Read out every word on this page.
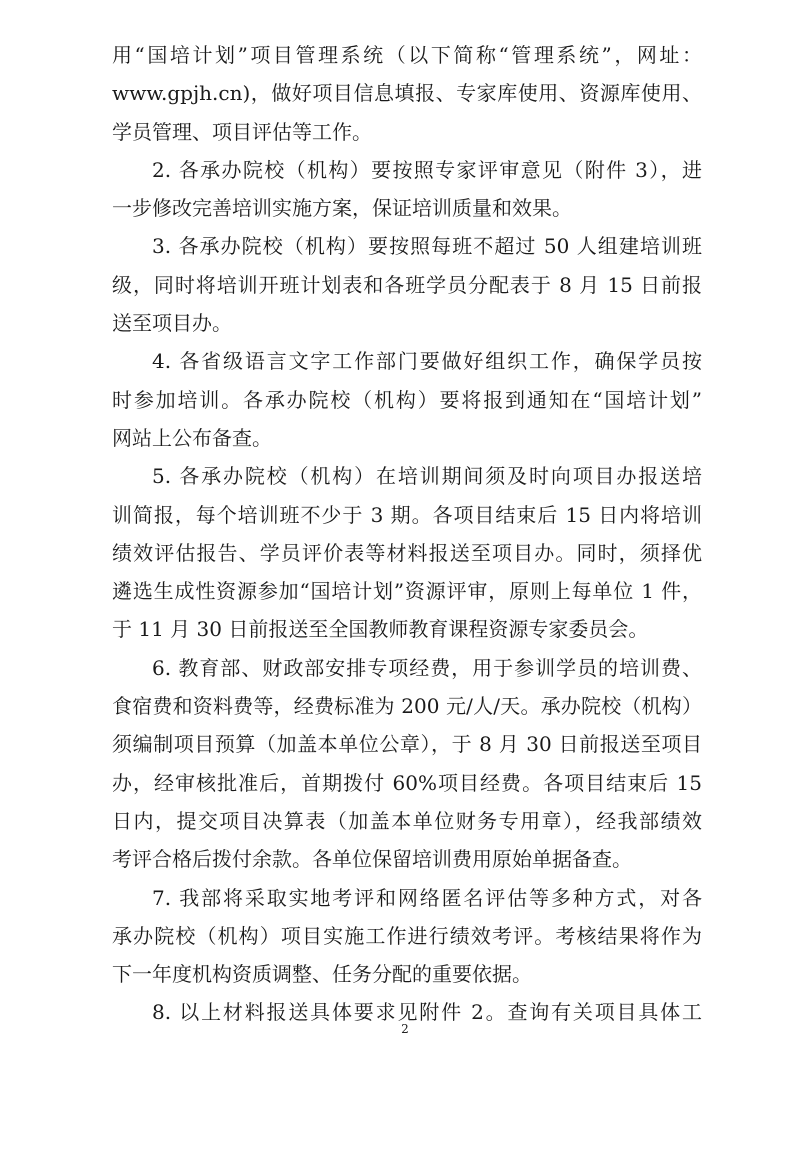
用“国培计划”项目管理系统（以下简称“管理系统”，网址：
www.gpjh.cn)，做好项目信息填报、专家库使用、资源库使用、
学员管理、项目评估等工作。
2. 各承办院校（机构）要按照专家评审意见（附件 3），进
一步修改完善培训实施方案，保证培训质量和效果。
3. 各承办院校（机构）要按照每班不超过 50 人组建培训班
级，同时将培训开班计划表和各班学员分配表于 8 月 15 日前报
送至项目办。
4. 各省级语言文字工作部门要做好组织工作，确保学员按
时参加培训。各承办院校（机构）要将报到通知在“国培计划”
网站上公布备查。
5. 各承办院校（机构）在培训期间须及时向项目办报送培
训简报，每个培训班不少于 3 期。各项目结束后 15 日内将培训
绩效评估报告、学员评价表等材料报送至项目办。同时，须择优
遴选生成性资源参加“国培计划”资源评审，原则上每单位 1 件，
于 11 月 30 日前报送至全国教师教育课程资源专家委员会。
6. 教育部、财政部安排专项经费，用于参训学员的培训费、
食宿费和资料费等，经费标准为 200 元/人/天。承办院校（机构）
须编制项目预算（加盖本单位公章），于 8 月 30 日前报送至项目
办，经审核批准后，首期拨付 60%项目经费。各项目结束后 15
日内，提交项目决算表（加盖本单位财务专用章），经我部绩效
考评合格后拨付余款。各单位保留培训费用原始单据备查。
7. 我部将采取实地考评和网络匿名评估等多种方式，对各
承办院校（机构）项目实施工作进行绩效考评。考核结果将作为
下一年度机构资质调整、任务分配的重要依据。
8. 以上材料报送具体要求见附件 2。查询有关项目具体工
2
